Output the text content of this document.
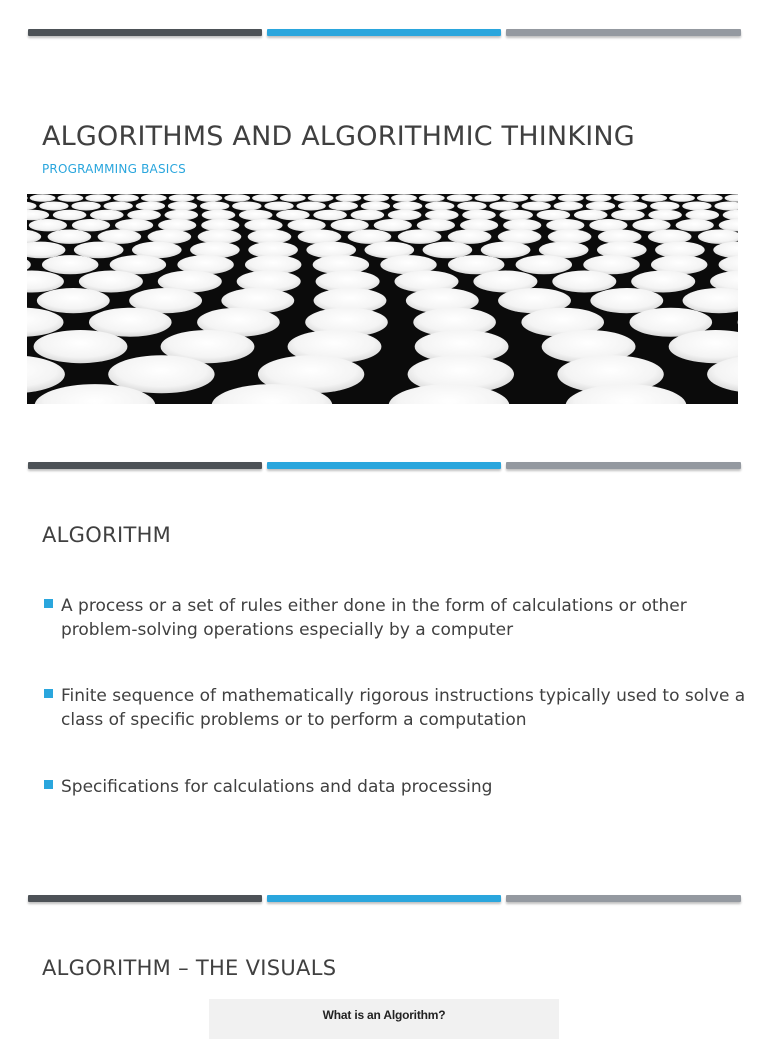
ALGORITHMS AND ALGORITHMIC THINKING

PROGRAMMING BASICS

ALGORITHM
A process or a set of rules either done in the form of calculations or other problem-solving operations especially by a computer
Finite sequence of mathematically rigorous instructions typically used to solve a class of specific problems or to perform a computation
Specifications for calculations and data processing
ALGORITHM – THE VISUALS
What is an Algorithm?
